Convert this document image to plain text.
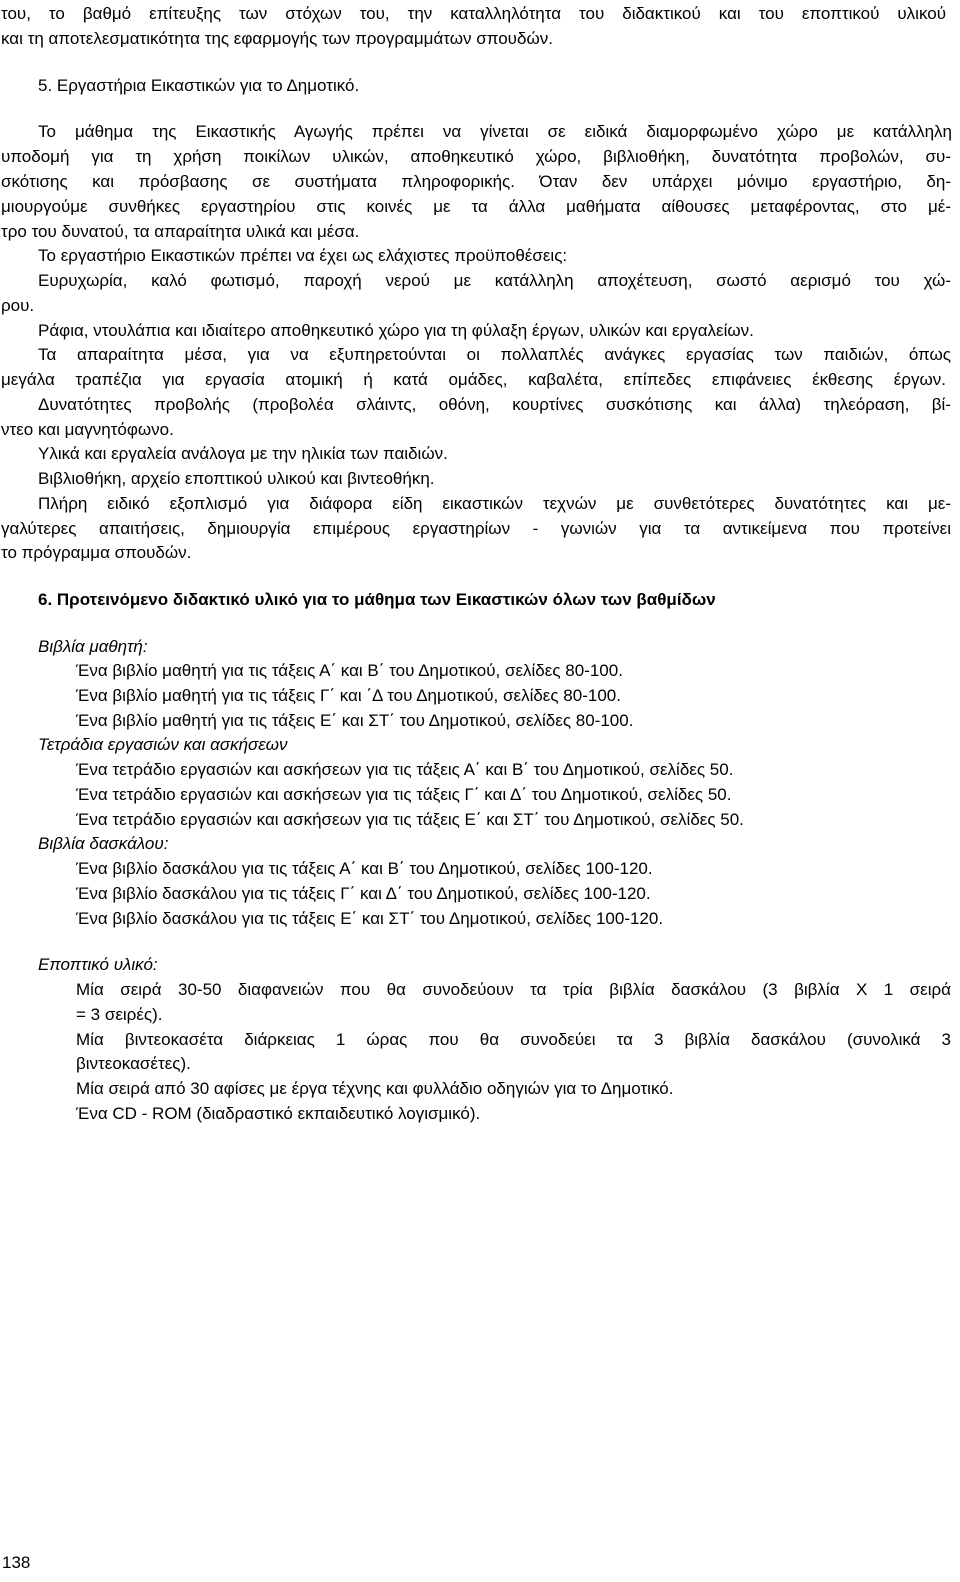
του, το βαθμό επίτευξης των στόχων του, την καταλληλότητα του διδακτικού και του εποπτικού υλικού
και τη αποτελεσματικότητα της εφαρμογής των προγραμμάτων σπουδών.
5. Εργαστήρια Εικαστικών για το Δημοτικό.
Το μάθημα της Εικαστικής Αγωγής πρέπει να γίνεται σε ειδικά διαμορφωμένο χώρο με κατάλληλη
υποδομή για τη χρήση ποικίλων υλικών, αποθηκευτικό χώρο, βιβλιοθήκη, δυνατότητα προβολών, συ-
σκότισης και πρόσβασης σε συστήματα πληροφορικής. Όταν δεν υπάρχει μόνιμο εργαστήριο, δη-
μιουργούμε συνθήκες εργαστηρίου στις κοινές με τα άλλα μαθήματα αίθουσες μεταφέροντας, στο μέ-
τρο του δυνατού, τα απαραίτητα υλικά και μέσα.
Το εργαστήριο Εικαστικών πρέπει να έχει ως ελάχιστες προϋποθέσεις:
Ευρυχωρία, καλό φωτισμό, παροχή νερού με κατάλληλη αποχέτευση, σωστό αερισμό του χώ-
ρου.
Ράφια, ντουλάπια και ιδιαίτερο αποθηκευτικό χώρο για τη φύλαξη έργων, υλικών και εργαλείων.
Τα απαραίτητα μέσα, για να εξυπηρετούνται οι πολλαπλές ανάγκες εργασίας των παιδιών, όπως
μεγάλα τραπέζια για εργασία ατομική ή κατά ομάδες, καβαλέτα, επίπεδες επιφάνειες έκθεσης έργων.
Δυνατότητες προβολής (προβολέα σλάιντς, οθόνη, κουρτίνες συσκότισης και άλλα) τηλεόραση, βί-
ντεο και μαγνητόφωνο.
Υλικά και εργαλεία ανάλογα με την ηλικία των παιδιών.
Βιβλιοθήκη, αρχείο εποπτικού υλικού και βιντεοθήκη.
Πλήρη ειδικό εξοπλισμό για διάφορα είδη εικαστικών τεχνών με συνθετότερες δυνατότητες και με-
γαλύτερες απαιτήσεις, δημιουργία επιμέρους εργαστηρίων - γωνιών για τα αντικείμενα που προτείνει
το πρόγραμμα σπουδών.
6. Προτεινόμενο διδακτικό υλικό για το μάθημα των Εικαστικών όλων των βαθμίδων
Βιβλία μαθητή:
Ένα βιβλίο μαθητή για τις τάξεις Α΄ και Β΄ του Δημοτικού, σελίδες 80-100.
Ένα βιβλίο μαθητή για τις τάξεις Γ΄ και ΄Δ του Δημοτικού, σελίδες 80-100.
Ένα βιβλίο μαθητή για τις τάξεις Ε΄ και ΣΤ΄ του Δημοτικού, σελίδες 80-100.
Τετράδια εργασιών και ασκήσεων
Ένα τετράδιο εργασιών και ασκήσεων για τις τάξεις Α΄ και Β΄ του Δημοτικού, σελίδες 50.
Ένα τετράδιο εργασιών και ασκήσεων για τις τάξεις Γ΄ και Δ΄ του Δημοτικού, σελίδες 50.
Ένα τετράδιο εργασιών και ασκήσεων για τις τάξεις Ε΄ και ΣΤ΄ του Δημοτικού, σελίδες 50.
Βιβλία δασκάλου:
Ένα βιβλίο δασκάλου για τις τάξεις Α΄ και Β΄ του Δημοτικού, σελίδες 100-120.
Ένα βιβλίο δασκάλου για τις τάξεις Γ΄ και Δ΄ του Δημοτικού, σελίδες 100-120.
Ένα βιβλίο δασκάλου για τις τάξεις Ε΄ και ΣΤ΄ του Δημοτικού, σελίδες 100-120.
Εποπτικό υλικό:
Μία σειρά 30-50 διαφανειών που θα συνοδεύουν τα τρία βιβλία δασκάλου (3 βιβλία Χ 1 σειρά
= 3 σειρές).
Μία βιντεοκασέτα διάρκειας 1 ώρας που θα συνοδεύει τα 3 βιβλία δασκάλου (συνολικά 3
βιντεοκασέτες).
Μία σειρά από 30 αφίσες με έργα τέχνης και φυλλάδιο οδηγιών για το Δημοτικό.
Ένα CD - ROM (διαδραστικό εκπαιδευτικό λογισμικό).
138
